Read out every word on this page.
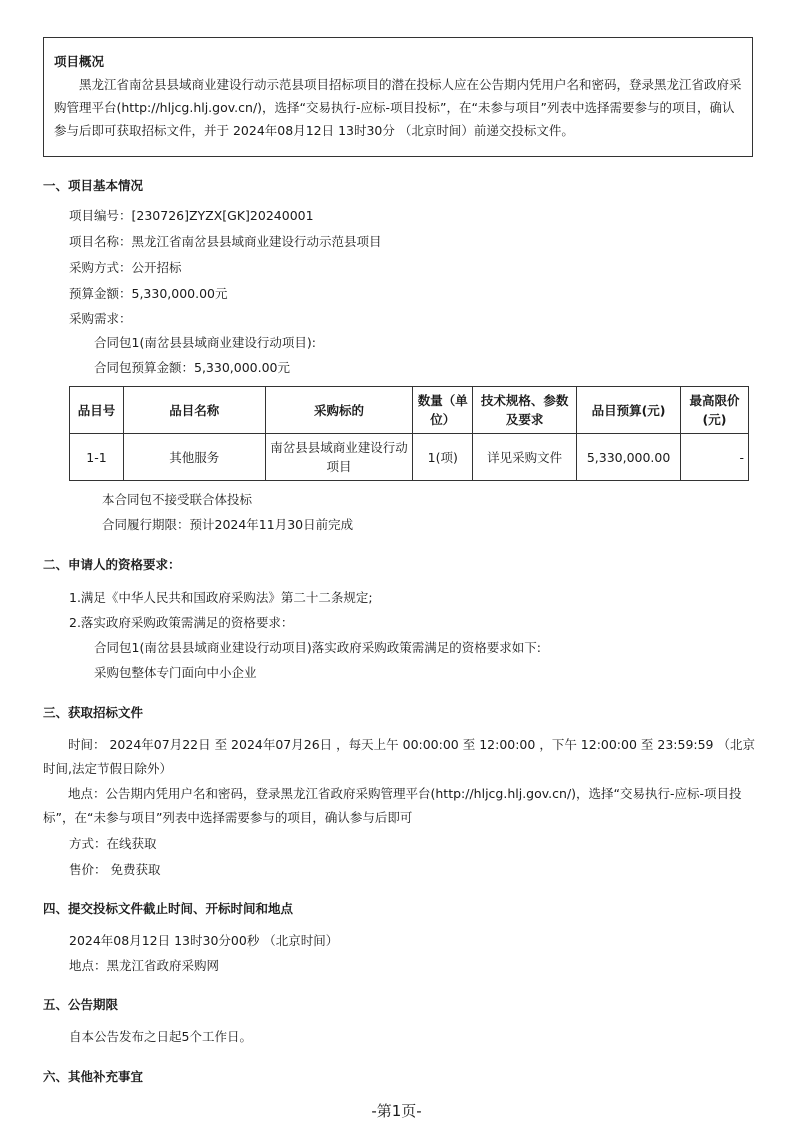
项目概况
黑龙江省南岔县县域商业建设行动示范县项目招标项目的潜在投标人应在公告期内凭用户名和密码，登录黑龙江省政府采购管理平台(http://hljcg.hlj.gov.cn/)，选择“交易执行-应标-项目投标”，在“未参与项目”列表中选择需要参与的项目，确认参与后即可获取招标文件，并于 2024年08月12日 13时30分 （北京时间）前递交投标文件。
一、项目基本情况
项目编号：[230726]ZYZX[GK]20240001
项目名称：黑龙江省南岔县县域商业建设行动示范县项目
采购方式：公开招标
预算金额：5,330,000.00元
采购需求：
合同包1(南岔县县域商业建设行动项目):
合同包预算金额：5,330,000.00元
品目号	品目名称	采购标的	数量（单位）	技术规格、参数及要求	品目预算(元)	最高限价(元)
1-1	其他服务	南岔县县域商业建设行动项目	1(项)	详见采购文件	5,330,000.00	-
本合同包不接受联合体投标
合同履行期限：预计2024年11月30日前完成
二、申请人的资格要求：
1.满足《中华人民共和国政府采购法》第二十二条规定;
2.落实政府采购政策需满足的资格要求：
合同包1(南岔县县域商业建设行动项目)落实政府采购政策需满足的资格要求如下:
采购包整体专门面向中小企业
三、获取招标文件
时间： 2024年07月22日 至 2024年07月26日 ，每天上午 00:00:00 至 12:00:00 ，下午 12:00:00 至 23:59:59 （北京时间,法定节假日除外）
地点：公告期内凭用户名和密码，登录黑龙江省政府采购管理平台(http://hljcg.hlj.gov.cn/)，选择“交易执行-应标-项目投标”，在“未参与项目”列表中选择需要参与的项目，确认参与后即可
方式：在线获取
售价： 免费获取
四、提交投标文件截止时间、开标时间和地点
2024年08月12日 13时30分00秒 （北京时间）
地点：黑龙江省政府采购网
五、公告期限
自本公告发布之日起5个工作日。
六、其他补充事宜
-第1页-
